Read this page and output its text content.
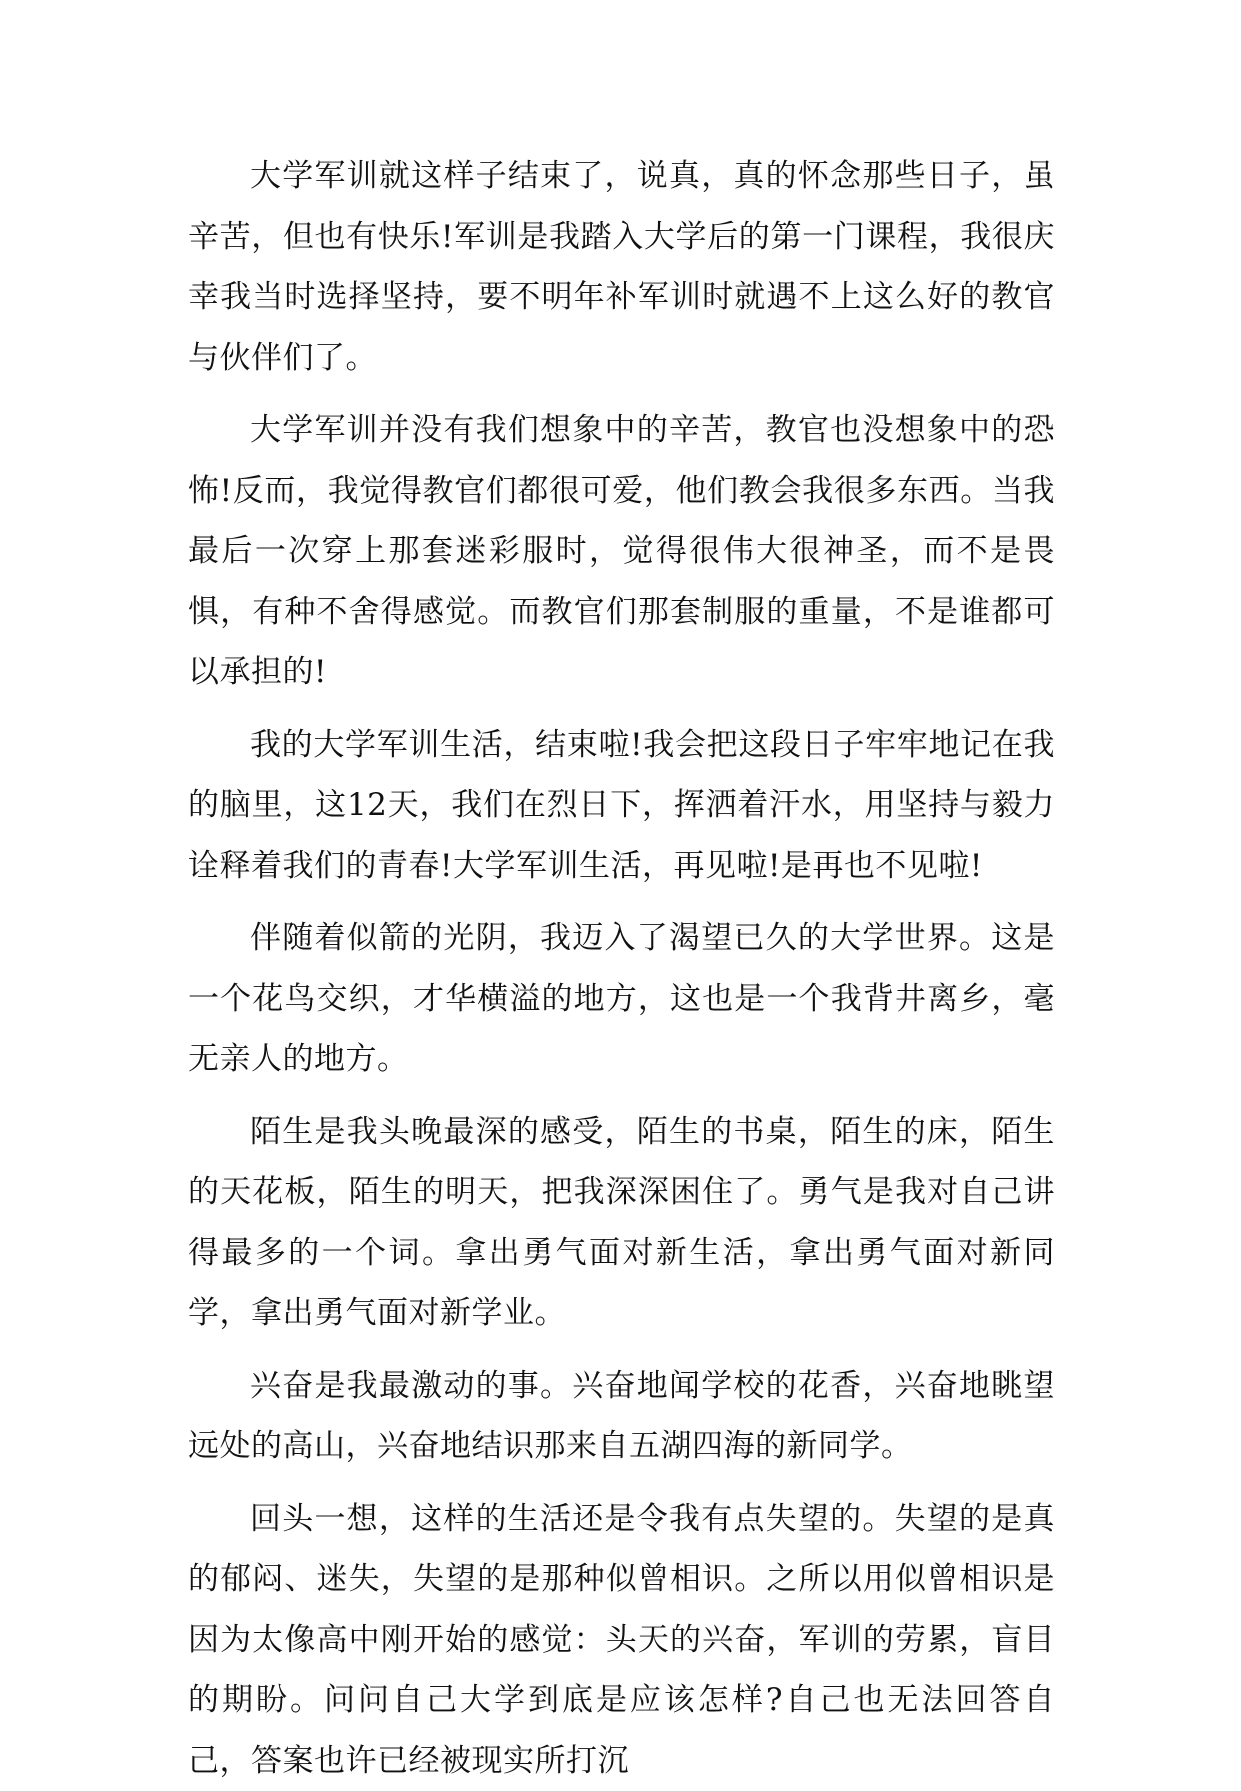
大学军训就这样子结束了，说真，真的怀念那些日子，虽辛苦，但也有快乐!军训是我踏入大学后的第一门课程，我很庆幸我当时选择坚持，要不明年补军训时就遇不上这么好的教官与伙伴们了。

大学军训并没有我们想象中的辛苦，教官也没想象中的恐怖!反而，我觉得教官们都很可爱，他们教会我很多东西。当我最后一次穿上那套迷彩服时，觉得很伟大很神圣，而不是畏惧，有种不舍得感觉。而教官们那套制服的重量，不是谁都可以承担的!

我的大学军训生活，结束啦!我会把这段日子牢牢地记在我的脑里，这12天，我们在烈日下，挥洒着汗水，用坚持与毅力诠释着我们的青春!大学军训生活，再见啦!是再也不见啦!

伴随着似箭的光阴，我迈入了渴望已久的大学世界。这是一个花鸟交织，才华横溢的地方，这也是一个我背井离乡，毫无亲人的地方。

陌生是我头晚最深的感受，陌生的书桌，陌生的床，陌生的天花板，陌生的明天，把我深深困住了。勇气是我对自己讲得最多的一个词。拿出勇气面对新生活，拿出勇气面对新同学，拿出勇气面对新学业。

兴奋是我最激动的事。兴奋地闻学校的花香，兴奋地眺望远处的高山，兴奋地结识那来自五湖四海的新同学。

回头一想，这样的生活还是令我有点失望的。失望的是真的郁闷、迷失，失望的是那种似曾相识。之所以用似曾相识是因为太像高中刚开始的感觉：头天的兴奋，军训的劳累，盲目的期盼。问问自己大学到底是应该怎样?自己也无法回答自己，答案也许已经被现实所打沉
